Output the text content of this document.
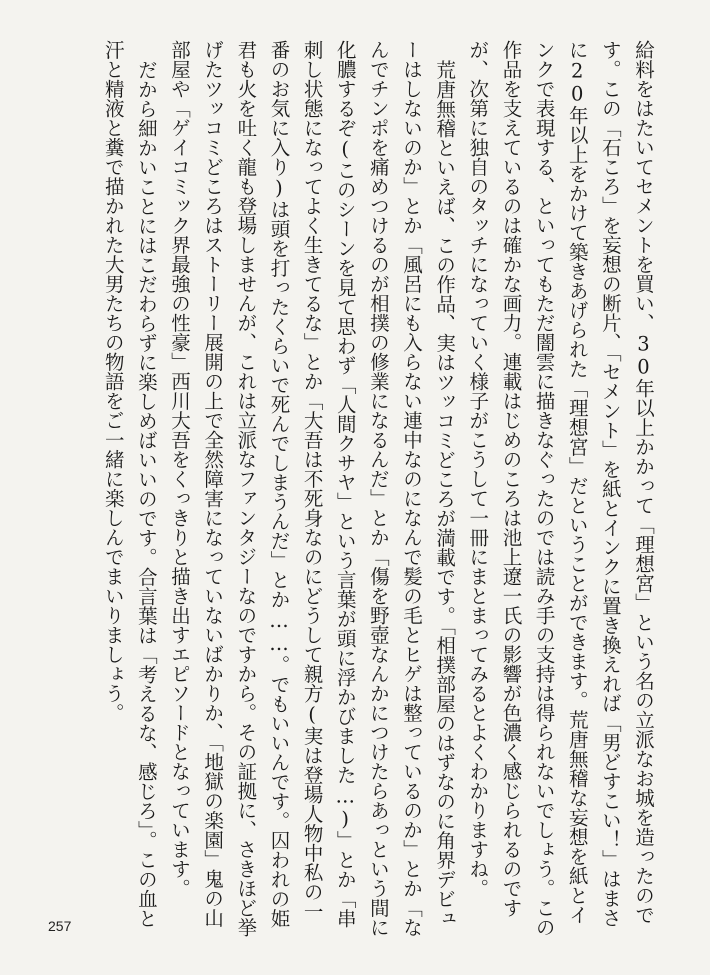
給料をはたいてセメントを買い、30年以上かかって「理想宮」という名の立派なお城を造ったのです。この「石ころ」を妄想の断片、「セメント」を紙とインクに置き換えれば「男どすこい！」はまさに20年以上をかけて築きあげられた「理想宮」だということができます。荒唐無稽な妄想を紙とインクで表現する、といってもただ闇雲に描きなぐったのでは読み手の支持は得られないでしょう。この作品を支えているのは確かな画力。連載はじめのころは池上遼一氏の影響が色濃く感じられるのですが、次第に独自のタッチになっていく様子がこうして一冊にまとまってみるとよくわかりますね。

荒唐無稽といえば、この作品、実はツッコミどころが満載です。「相撲部屋のはずなのに角界デビューはしないのか」とか「風呂にも入らない連中なのになんで髪の毛とヒゲは整っているのか」とか「なんでチンポを痛めつけるのが相撲の修業になるんだ」とか「傷を野壺なんかにつけたらあっという間に化膿するぞ(このシーンを見て思わず「人間クサヤ」という言葉が頭に浮かびました…)」とか「串刺し状態になってよく生きてるな」とか「大吾は不死身なのにどうして親方(実は登場人物中私の一番のお気に入り)は頭を打ったくらいで死んでしまうんだ」とか……。でもいいんです。囚われの姫君も火を吐く龍も登場しませんが、これは立派なファンタジーなのですから。その証拠に、さきほど挙げたツッコミどころはストーリー展開の上で全然障害になっていないばかりか、「地獄の楽園」鬼の山部屋や「ゲイコミック界最強の性豪」西川大吾をくっきりと描き出すエピソードとなっています。

だから細かいことにはこだわらずに楽しめばいいのです。合言葉は「考えるな、感じろ」。この血と汗と精液と糞で描かれた大男たちの物語をご一緒に楽しんでまいりましょう。

257
